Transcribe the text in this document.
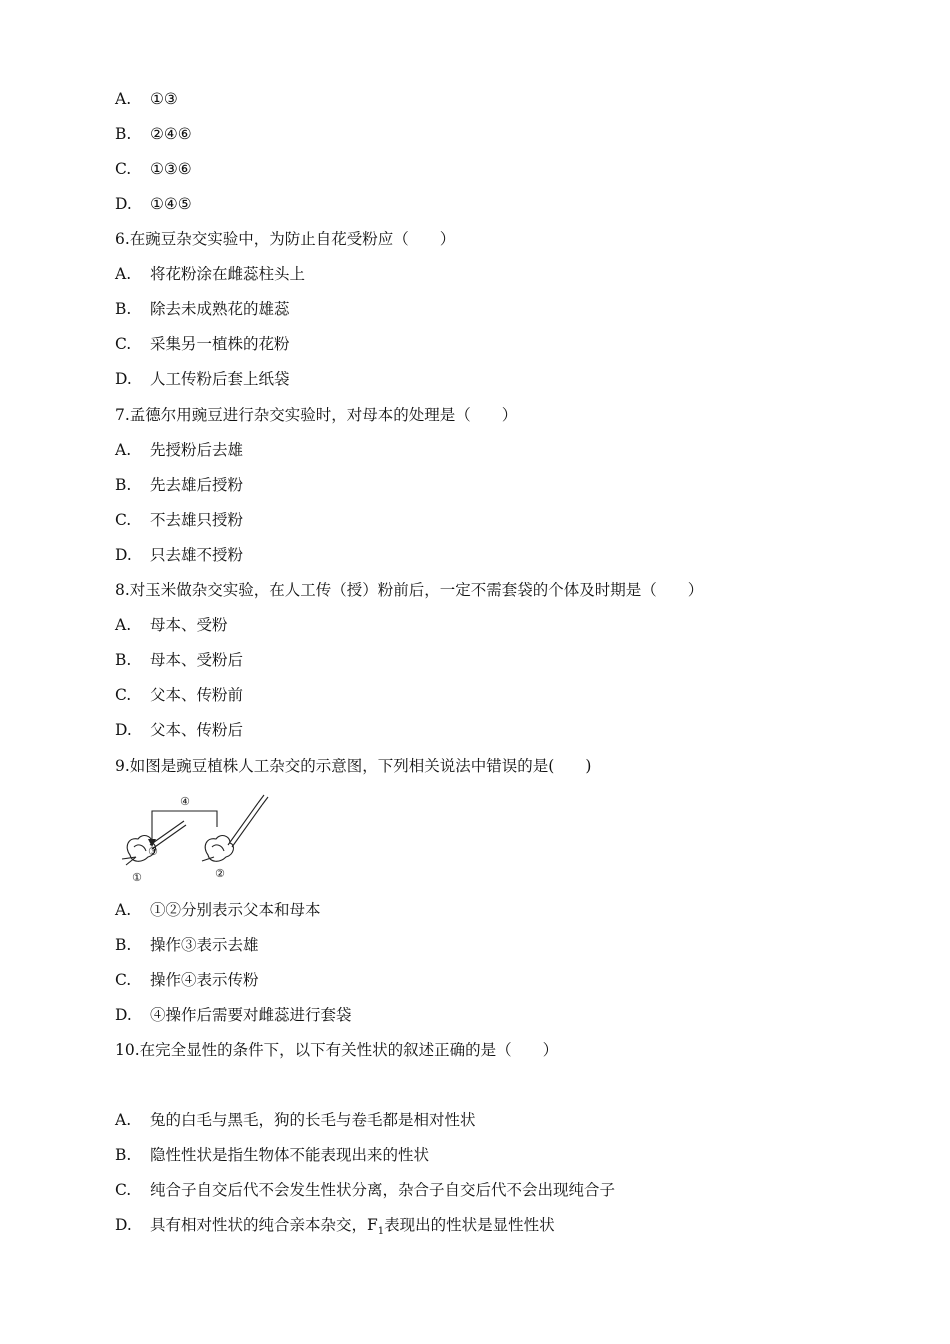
A. ①③
B. ②④⑥
C. ①③⑥
D. ①④⑤
6.在豌豆杂交实验中，为防止自花受粉应（　　）
A. 将花粉涂在雌蕊柱头上
B. 除去未成熟花的雄蕊
C. 采集另一植株的花粉
D. 人工传粉后套上纸袋
7.孟德尔用豌豆进行杂交实验时，对母本的处理是（　　）
A. 先授粉后去雄
B. 先去雄后授粉
C. 不去雄只授粉
D. 只去雄不授粉
8.对玉米做杂交实验，在人工传（授）粉前后，一定不需套袋的个体及时期是（　　）
A. 母本、受粉
B. 母本、受粉后
C. 父本、传粉前
D. 父本、传粉后
9.如图是豌豆植株人工杂交的示意图，下列相关说法中错误的是(　　)
④
③
①	②
A. ①②分别表示父本和母本
B. 操作③表示去雄
C. 操作④表示传粉
D. ④操作后需要对雌蕊进行套袋
10.在完全显性的条件下，以下有关性状的叙述正确的是（　　）
A. 兔的白毛与黑毛，狗的长毛与卷毛都是相对性状
B. 隐性性状是指生物体不能表现出来的性状
C. 纯合子自交后代不会发生性状分离，杂合子自交后代不会出现纯合子
D. 具有相对性状的纯合亲本杂交，$F_1$表现出的性状是显性性状
